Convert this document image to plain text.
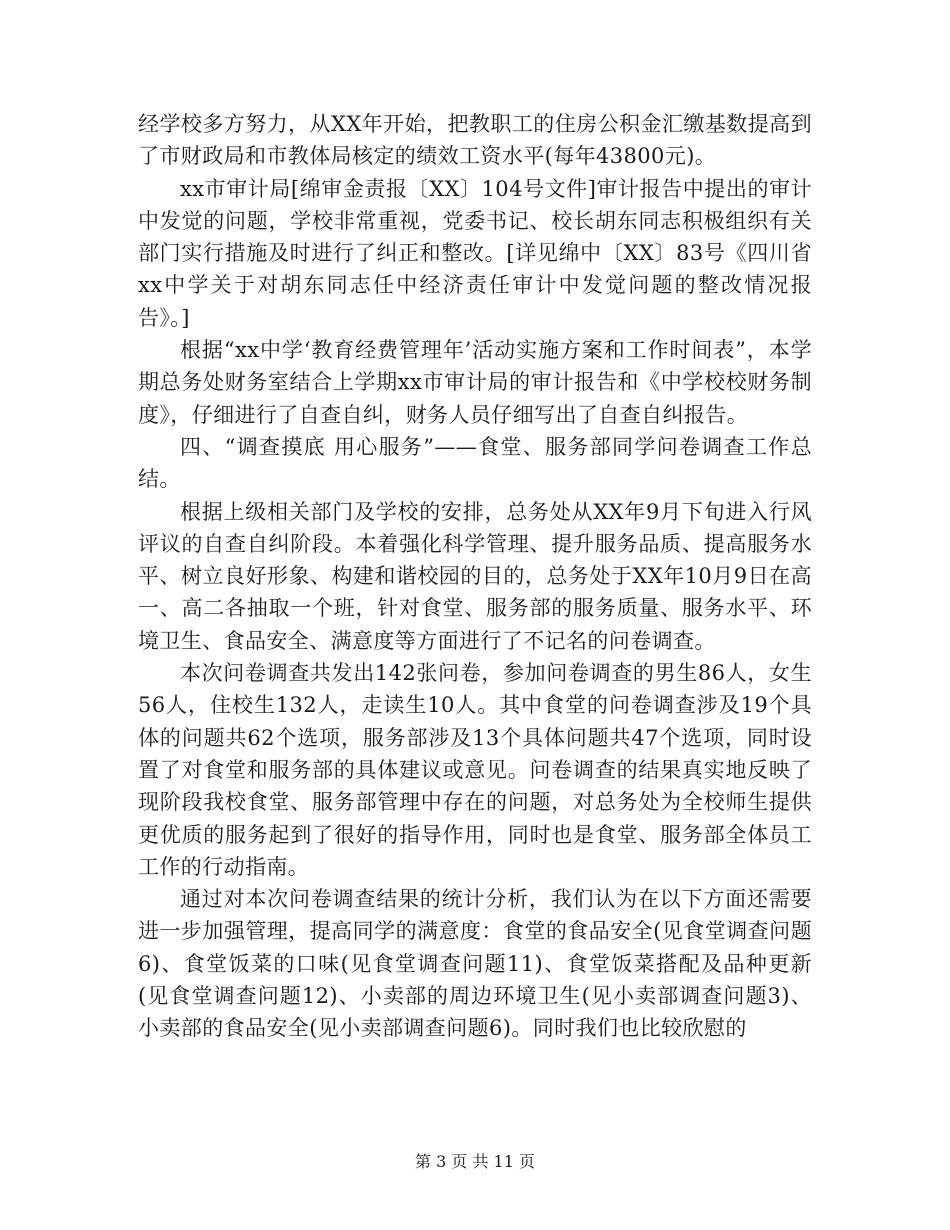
经学校多方努力，从XX年开始，把教职工的住房公积金汇缴基数提高到了市财政局和市教体局核定的绩效工资水平(每年43800元)。

xx市审计局[绵审金责报〔XX〕104号文件]审计报告中提出的审计中发觉的问题，学校非常重视，党委书记、校长胡东同志积极组织有关部门实行措施及时进行了纠正和整改。[详见绵中〔XX〕83号《四川省xx中学关于对胡东同志任中经济责任审计中发觉问题的整改情况报告》。]

根据“xx中学‘教育经费管理年’活动实施方案和工作时间表”，本学期总务处财务室结合上学期xx市审计局的审计报告和《中学校校财务制度》，仔细进行了自查自纠，财务人员仔细写出了自查自纠报告。

四、“调查摸底 用心服务”——食堂、服务部同学问卷调查工作总结。

根据上级相关部门及学校的安排，总务处从XX年9月下旬进入行风评议的自查自纠阶段。本着强化科学管理、提升服务品质、提高服务水平、树立良好形象、构建和谐校园的目的，总务处于XX年10月9日在高一、高二各抽取一个班，针对食堂、服务部的服务质量、服务水平、环境卫生、食品安全、满意度等方面进行了不记名的问卷调查。

本次问卷调查共发出142张问卷，参加问卷调查的男生86人，女生56人，住校生132人，走读生10人。其中食堂的问卷调查涉及19个具体的问题共62个选项，服务部涉及13个具体问题共47个选项，同时设置了对食堂和服务部的具体建议或意见。问卷调查的结果真实地反映了现阶段我校食堂、服务部管理中存在的问题，对总务处为全校师生提供更优质的服务起到了很好的指导作用，同时也是食堂、服务部全体员工工作的行动指南。

通过对本次问卷调查结果的统计分析，我们认为在以下方面还需要进一步加强管理，提高同学的满意度：食堂的食品安全(见食堂调查问题6)、食堂饭菜的口味(见食堂调查问题11)、食堂饭菜搭配及品种更新(见食堂调查问题12)、小卖部的周边环境卫生(见小卖部调查问题3)、小卖部的食品安全(见小卖部调查问题6)。同时我们也比较欣慰的

第 3 页 共 11 页
